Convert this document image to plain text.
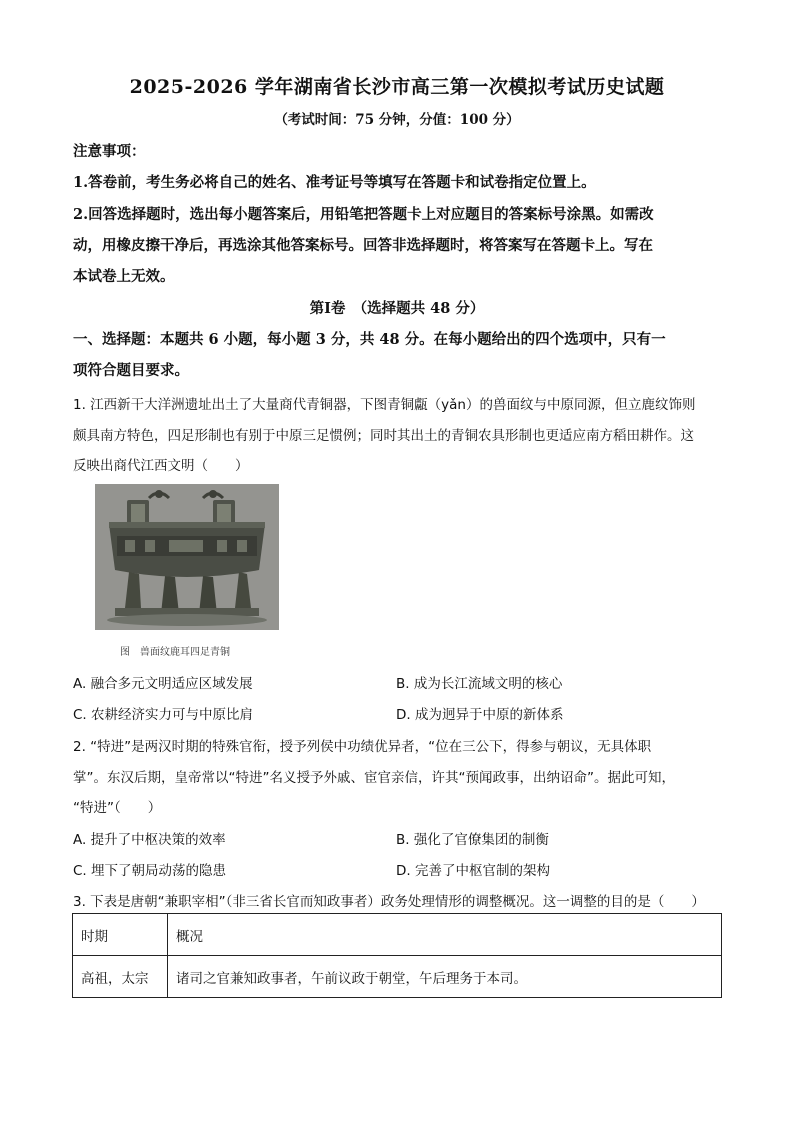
2025-2026 学年湖南省长沙市高三第一次模拟考试历史试题
（考试时间：75 分钟，分值：100 分）
注意事项：
1.答卷前，考生务必将自己的姓名、准考证号等填写在答题卡和试卷指定位置上。
2.回答选择题时，选出每小题答案后，用铅笔把答题卡上对应题目的答案标号涂黑。如需改
动，用橡皮擦干净后，再选涂其他答案标号。回答非选择题时，将答案写在答题卡上。写在
本试卷上无效。
第Ⅰ卷　（选择题共 48 分）
一、选择题：本题共 6 小题，每小题 3 分，共 48 分。在每小题给出的四个选项中，只有一
项符合题目要求。
1. 江西新干大洋洲遗址出土了大量商代青铜器，下图青铜甗（yǎn）的兽面纹与中原同源，但立鹿纹饰则
颇具南方特色，四足形制也有别于中原三足惯例；同时其出土的青铜农具形制也更适应南方稻田耕作。这
反映出商代江西文明（　　）
图　兽面纹鹿耳四足青铜
A. 融合多元文明适应区域发展	B. 成为长江流域文明的核心
C. 农耕经济实力可与中原比肩	D. 成为迥异于中原的新体系
2. “特进”是两汉时期的特殊官衔，授予列侯中功绩优异者，“位在三公下，得参与朝议，无具体职
掌”。东汉后期，皇帝常以“特进”名义授予外戚、宦官亲信，许其“预闻政事，出纳诏命”。据此可知，
“特进”（　　）
A. 提升了中枢决策的效率	B. 强化了官僚集团的制衡
C. 埋下了朝局动荡的隐患	D. 完善了中枢官制的架构
3. 下表是唐朝“兼职宰相”（非三省长官而知政事者）政务处理情形的调整概况。这一调整的目的是（　　）
时期	概况
高祖，太宗	诸司之官兼知政事者，午前议政于朝堂，午后理务于本司。
